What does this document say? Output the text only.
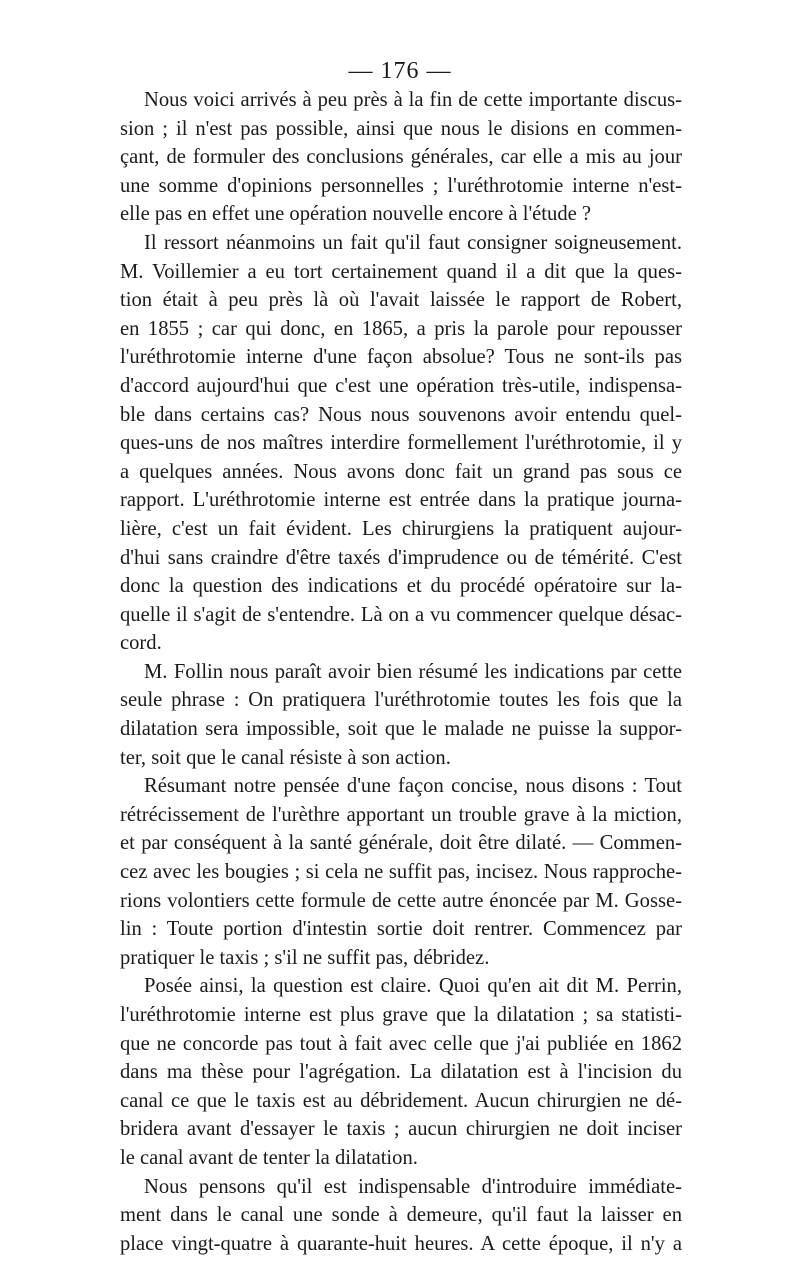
— 176 —
Nous voici arrivés à peu près à la fin de cette importante discus-
sion ; il n'est pas possible, ainsi que nous le disions en commen-
çant, de formuler des conclusions générales, car elle a mis au jour
une somme d'opinions personnelles ; l'uréthrotomie interne n'est-
elle pas en effet une opération nouvelle encore à l'étude ?
Il ressort néanmoins un fait qu'il faut consigner soigneusement.
M. Voillemier a eu tort certainement quand il a dit que la ques-
tion était à peu près là où l'avait laissée le rapport de Robert,
en 1855 ; car qui donc, en 1865, a pris la parole pour repousser
l'uréthrotomie interne d'une façon absolue? Tous ne sont-ils pas
d'accord aujourd'hui que c'est une opération très-utile, indispensa-
ble dans certains cas? Nous nous souvenons avoir entendu quel-
ques-uns de nos maîtres interdire formellement l'uréthrotomie, il y
a quelques années. Nous avons donc fait un grand pas sous ce
rapport. L'uréthrotomie interne est entrée dans la pratique journa-
lière, c'est un fait évident. Les chirurgiens la pratiquent aujour-
d'hui sans craindre d'être taxés d'imprudence ou de témérité. C'est
donc la question des indications et du procédé opératoire sur la-
quelle il s'agit de s'entendre. Là on a vu commencer quelque désac-
cord.
M. Follin nous paraît avoir bien résumé les indications par cette
seule phrase : On pratiquera l'uréthrotomie toutes les fois que la
dilatation sera impossible, soit que le malade ne puisse la suppor-
ter, soit que le canal résiste à son action.
Résumant notre pensée d'une façon concise, nous disons : Tout
rétrécissement de l'urèthre apportant un trouble grave à la miction,
et par conséquent à la santé générale, doit être dilaté. — Commen-
cez avec les bougies ; si cela ne suffit pas, incisez. Nous rapproche-
rions volontiers cette formule de cette autre énoncée par M. Gosse-
lin : Toute portion d'intestin sortie doit rentrer. Commencez par
pratiquer le taxis ; s'il ne suffit pas, débridez.
Posée ainsi, la question est claire. Quoi qu'en ait dit M. Perrin,
l'uréthrotomie interne est plus grave que la dilatation ; sa statisti-
que ne concorde pas tout à fait avec celle que j'ai publiée en 1862
dans ma thèse pour l'agrégation. La dilatation est à l'incision du
canal ce que le taxis est au débridement. Aucun chirurgien ne dé-
bridera avant d'essayer le taxis ; aucun chirurgien ne doit inciser
le canal avant de tenter la dilatation.
Nous pensons qu'il est indispensable d'introduire immédiate-
ment dans le canal une sonde à demeure, qu'il faut la laisser en
place vingt-quatre à quarante-huit heures. A cette époque, il n'y a
